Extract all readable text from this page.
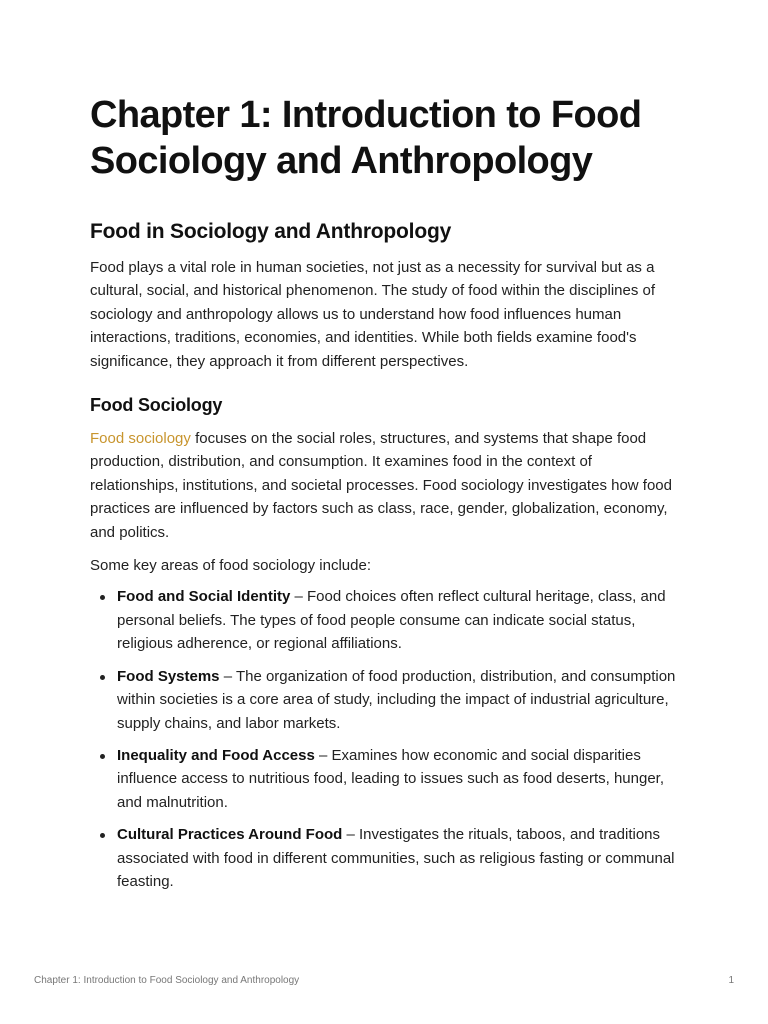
Chapter 1: Introduction to Food Sociology and Anthropology
Food in Sociology and Anthropology

Food plays a vital role in human societies, not just as a necessity for survival but as a cultural, social, and historical phenomenon. The study of food within the disciplines of sociology and anthropology allows us to understand how food influences human interactions, traditions, economies, and identities. While both fields examine food's significance, they approach it from different perspectives.

Food Sociology

Food sociology focuses on the social roles, structures, and systems that shape food production, distribution, and consumption. It examines food in the context of relationships, institutions, and societal processes. Food sociology investigates how food practices are influenced by factors such as class, race, gender, globalization, economy, and politics.

Some key areas of food sociology include:

Food and Social Identity – Food choices often reflect cultural heritage, class, and personal beliefs. The types of food people consume can indicate social status, religious adherence, or regional affiliations.
Food Systems – The organization of food production, distribution, and consumption within societies is a core area of study, including the impact of industrial agriculture, supply chains, and labor markets.
Inequality and Food Access – Examines how economic and social disparities influence access to nutritious food, leading to issues such as food deserts, hunger, and malnutrition.
Cultural Practices Around Food – Investigates the rituals, taboos, and traditions associated with food in different communities, such as religious fasting or communal feasting.
Chapter 1: Introduction to Food Sociology and Anthropology	1
